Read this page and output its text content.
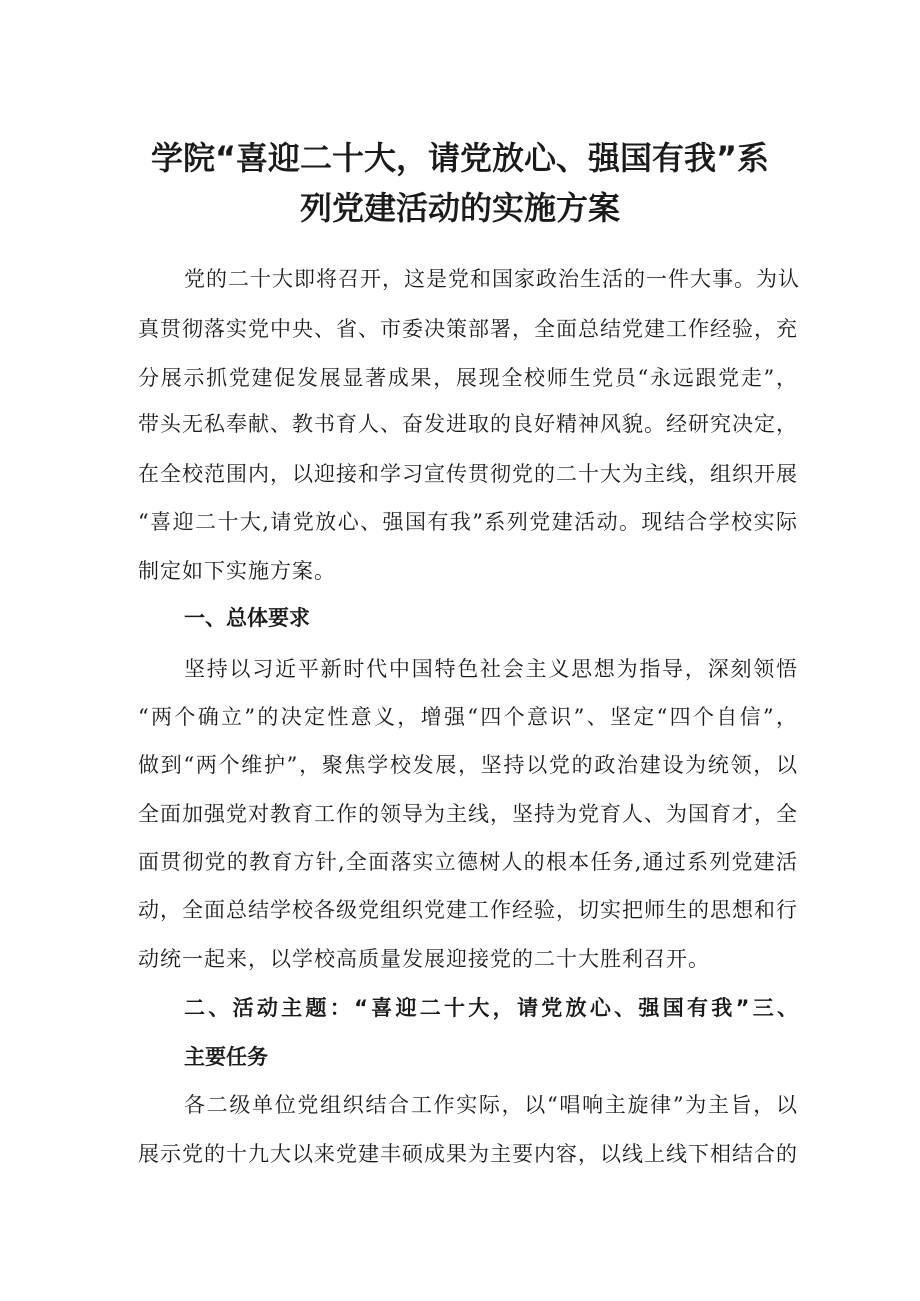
学院“喜迎二十大，请党放心、强国有我”系
列党建活动的实施方案

党的二十大即将召开，这是党和国家政治生活的一件大事。为认

真贯彻落实党中央、省、市委决策部署，全面总结党建工作经验，充

分展示抓党建促发展显著成果，展现全校师生党员“永远跟党走”，

带头无私奉献、教书育人、奋发进取的良好精神风貌。经研究决定，

在全校范围内，以迎接和学习宣传贯彻党的二十大为主线，组织开展

“喜迎二十大,请党放心、强国有我”系列党建活动。现结合学校实际

制定如下实施方案。

一、总体要求

坚持以习近平新时代中国特色社会主义思想为指导，深刻领悟

“两个确立”的决定性意义，增强“四个意识”、坚定“四个自信”，

做到“两个维护”，聚焦学校发展，坚持以党的政治建设为统领，以

全面加强党对教育工作的领导为主线，坚持为党育人、为国育才，全

面贯彻党的教育方针,全面落实立德树人的根本任务,通过系列党建活

动，全面总结学校各级党组织党建工作经验，切实把师生的思想和行

动统一起来，以学校高质量发展迎接党的二十大胜利召开。

二、活动主题：“喜迎二十大，请党放心、强国有我”三、

主要任务

各二级单位党组织结合工作实际，以“唱响主旋律”为主旨，以

展示党的十九大以来党建丰硕成果为主要内容，以线上线下相结合的
